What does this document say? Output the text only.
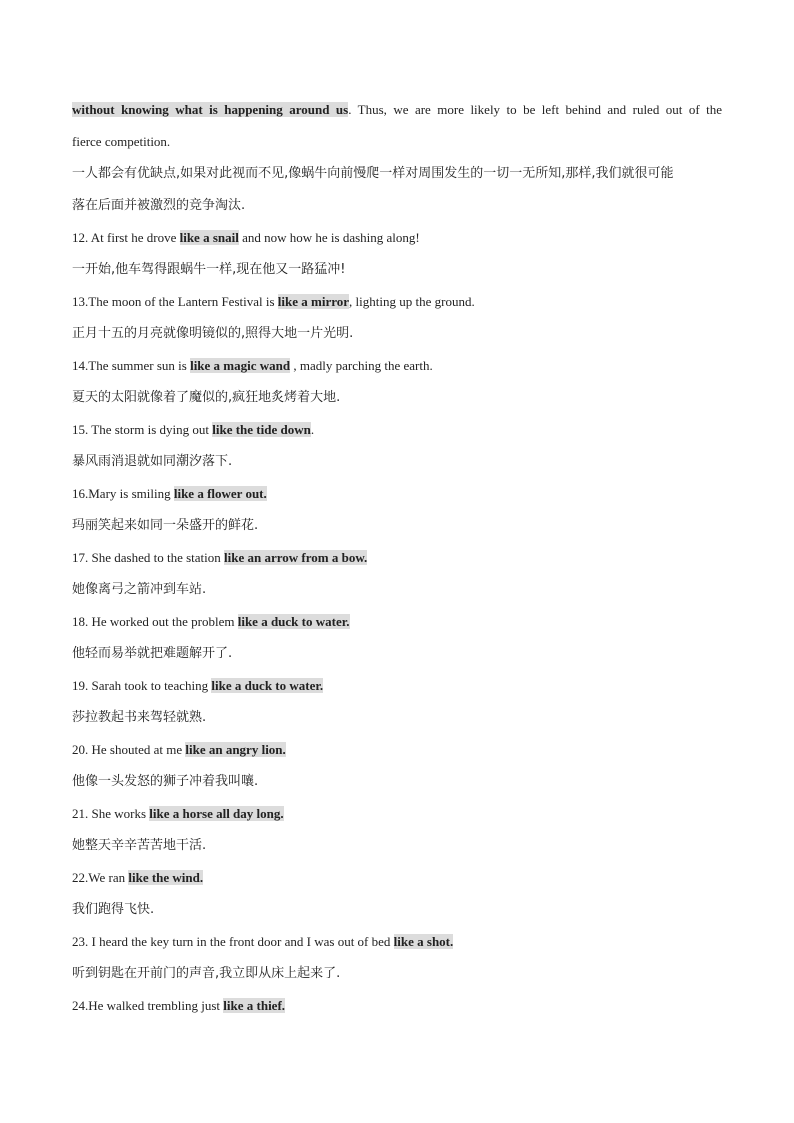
without knowing what is happening around us. Thus, we are more likely to be left behind and ruled out of the
fierce competition.
一人都会有优缺点,如果对此视而不见,像蜗牛向前慢爬一样对周围发生的一切一无所知,那样,我们就很可能
落在后面并被激烈的竞争淘汰.
12. At first he drove like a snail and now how he is dashing along!
一开始,他车驾得跟蜗牛一样,现在他又一路猛冲!
13.The moon of the Lantern Festival is like a mirror, lighting up the ground.
正月十五的月亮就像明镜似的,照得大地一片光明.
14.The summer sun is like a magic wand , madly parching the earth.
夏天的太阳就像着了魔似的,疯狂地炙烤着大地.
15. The storm is dying out like the tide down.
暴风雨消退就如同潮汐落下.
16.Mary is smiling like a flower out.
玛丽笑起来如同一朵盛开的鲜花.
17. She dashed to the station like an arrow from a bow.
她像离弓之箭冲到车站.
18. He worked out the problem like a duck to water.
他轻而易举就把难题解开了.
19. Sarah took to teaching like a duck to water.
莎拉教起书来驾轻就熟.
20. He shouted at me like an angry lion.
他像一头发怒的狮子冲着我叫嚷.
21. She works like a horse all day long.
她整天辛辛苦苦地干活.
22.We ran like the wind.
我们跑得飞快.
23. I heard the key turn in the front door and I was out of bed like a shot.
听到钥匙在开前门的声音,我立即从床上起来了.
24.He walked trembling just like a thief.
